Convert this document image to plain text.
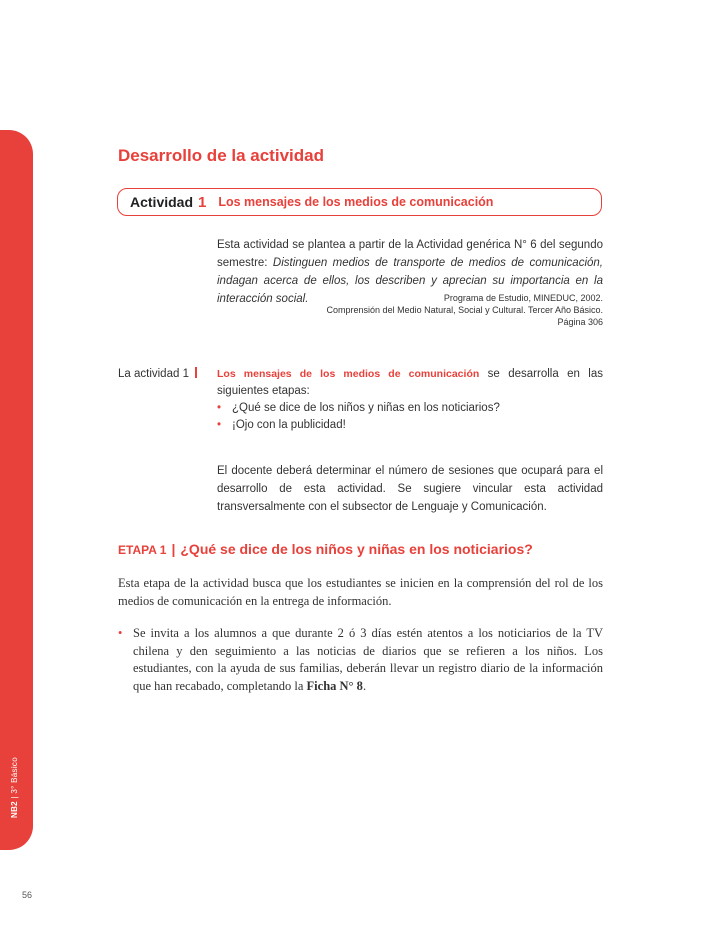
NB2 | 3° Básico
Desarrollo de la actividad
Actividad 1 Los mensajes de los medios de comunicación

Esta actividad se plantea a partir de la Actividad genérica N° 6 del segundo semestre: Distinguen medios de transporte de medios de comunicación, indagan acerca de ellos, los describen y aprecian su importancia en la interacción social.	Programa de Estudio, MINEDUC, 2002.
Comprensión del Medio Natural, Social y Cultural. Tercer Año Básico.
Página 306
La actividad 1	Los mensajes de los medios de comunicación se desarrolla en las siguientes etapas:
• ¿Qué se dice de los niños y niñas en los noticiarios?
• ¡Ojo con la publicidad!

El docente deberá determinar el número de sesiones que ocupará para el desarrollo de esta actividad. Se sugiere vincular esta actividad transversalmente con el subsector de Lenguaje y Comunicación.

ETAPA 1 | ¿Qué se dice de los niños y niñas en los noticiarios?

Esta etapa de la actividad busca que los estudiantes se inicien en la comprensión del rol de los medios de comunicación en la entrega de información.

• Se invita a los alumnos a que durante 2 ó 3 días estén atentos a los noticiarios de la TV chilena y den seguimiento a las noticias de diarios que se refieren a los niños. Los estudiantes, con la ayuda de sus familias, deberán llevar un registro diario de la información que han recabado, completando la Ficha N° 8.
56
